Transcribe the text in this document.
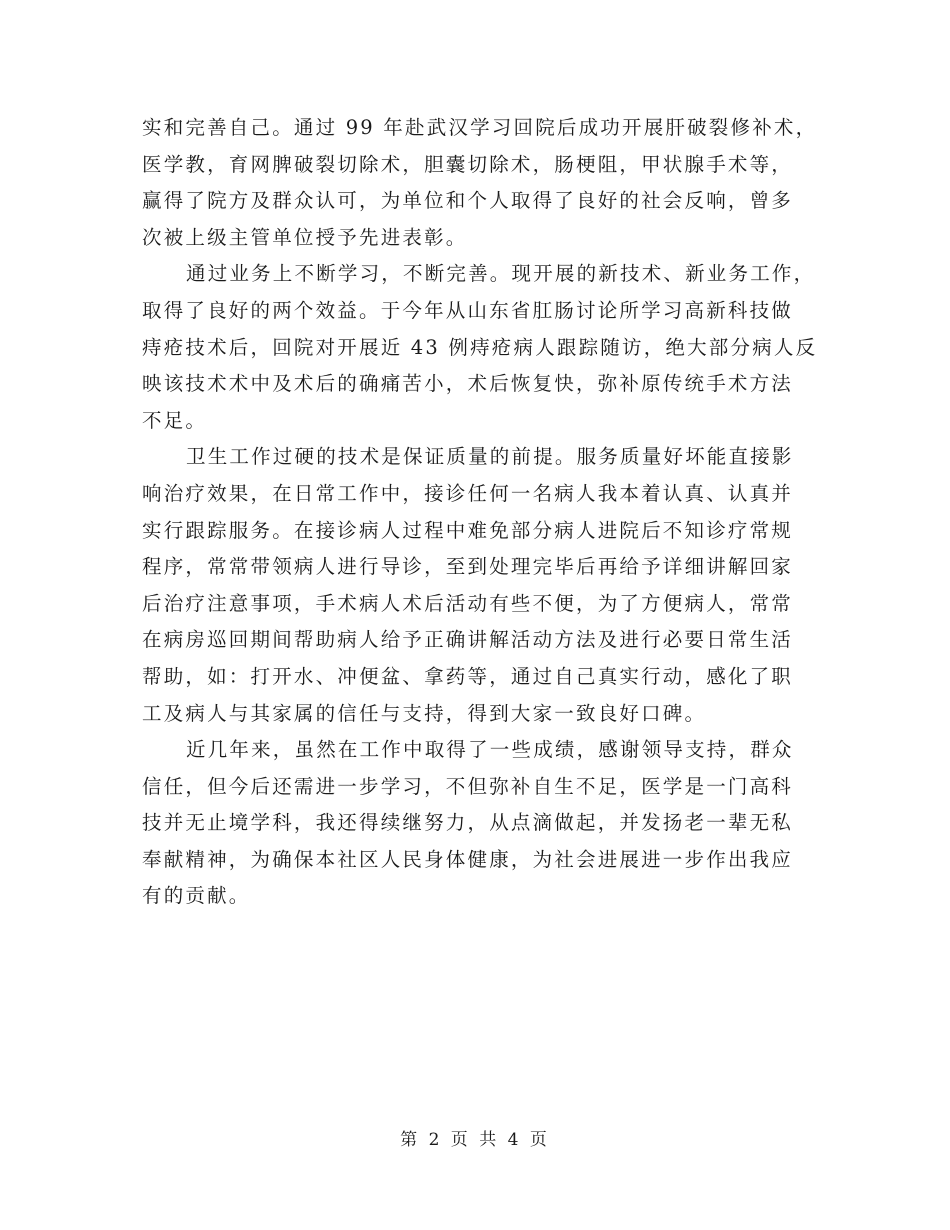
实和完善自己。通过 99 年赴武汉学习回院后成功开展肝破裂修补术，
医学教，育网脾破裂切除术，胆囊切除术，肠梗阻，甲状腺手术等，
赢得了院方及群众认可，为单位和个人取得了良好的社会反响，曾多
次被上级主管单位授予先进表彰。

通过业务上不断学习，不断完善。现开展的新技术、新业务工作，
取得了良好的两个效益。于今年从山东省肛肠讨论所学习高新科技做
痔疮技术后，回院对开展近 43 例痔疮病人跟踪随访，绝大部分病人反
映该技术术中及术后的确痛苦小，术后恢复快，弥补原传统手术方法
不足。

卫生工作过硬的技术是保证质量的前提。服务质量好坏能直接影
响治疗效果，在日常工作中，接诊任何一名病人我本着认真、认真并
实行跟踪服务。在接诊病人过程中难免部分病人进院后不知诊疗常规
程序，常常带领病人进行导诊，至到处理完毕后再给予详细讲解回家
后治疗注意事项，手术病人术后活动有些不便，为了方便病人，常常
在病房巡回期间帮助病人给予正确讲解活动方法及进行必要日常生活
帮助，如：打开水、冲便盆、拿药等，通过自己真实行动，感化了职
工及病人与其家属的信任与支持，得到大家一致良好口碑。

近几年来，虽然在工作中取得了一些成绩，感谢领导支持，群众
信任，但今后还需进一步学习，不但弥补自生不足，医学是一门高科
技并无止境学科，我还得续继努力，从点滴做起，并发扬老一辈无私
奉献精神，为确保本社区人民身体健康，为社会进展进一步作出我应
有的贡献。

第 2 页 共 4 页
